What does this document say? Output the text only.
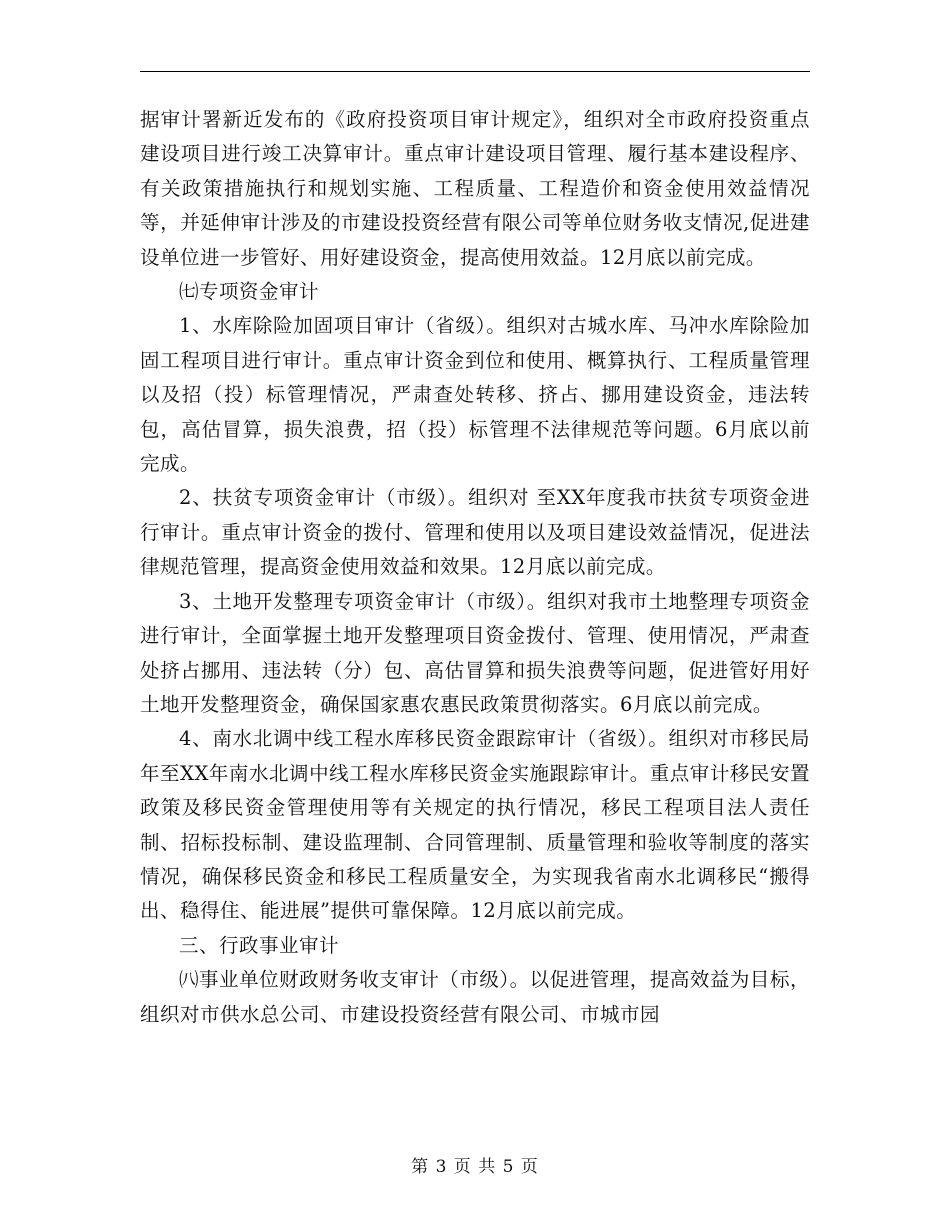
据审计署新近发布的《政府投资项目审计规定》，组织对全市政府投资重点建设项目进行竣工决算审计。重点审计建设项目管理、履行基本建设程序、有关政策措施执行和规划实施、工程质量、工程造价和资金使用效益情况等，并延伸审计涉及的市建设投资经营有限公司等单位财务收支情况,促进建设单位进一步管好、用好建设资金，提高使用效益。12月底以前完成。

㈦专项资金审计

1、水库除险加固项目审计（省级）。组织对古城水库、马冲水库除险加固工程项目进行审计。重点审计资金到位和使用、概算执行、工程质量管理以及招（投）标管理情况，严肃查处转移、挤占、挪用建设资金，违法转包，高估冒算，损失浪费，招（投）标管理不法律规范等问题。6月底以前完成。

2、扶贫专项资金审计（市级）。组织对 至XX年度我市扶贫专项资金进行审计。重点审计资金的拨付、管理和使用以及项目建设效益情况，促进法律规范管理，提高资金使用效益和效果。12月底以前完成。

3、土地开发整理专项资金审计（市级）。组织对我市土地整理专项资金进行审计，全面掌握土地开发整理项目资金拨付、管理、使用情况，严肃查处挤占挪用、违法转（分）包、高估冒算和损失浪费等问题，促进管好用好土地开发整理资金，确保国家惠农惠民政策贯彻落实。6月底以前完成。

4、南水北调中线工程水库移民资金跟踪审计（省级）。组织对市移民局年至XX年南水北调中线工程水库移民资金实施跟踪审计。重点审计移民安置政策及移民资金管理使用等有关规定的执行情况，移民工程项目法人责任制、招标投标制、建设监理制、合同管理制、质量管理和验收等制度的落实情况，确保移民资金和移民工程质量安全，为实现我省南水北调移民“搬得出、稳得住、能进展”提供可靠保障。12月底以前完成。

三、行政事业审计

㈧事业单位财政财务收支审计（市级）。以促进管理，提高效益为目标，组织对市供水总公司、市建设投资经营有限公司、市城市园

第 3 页 共 5 页
